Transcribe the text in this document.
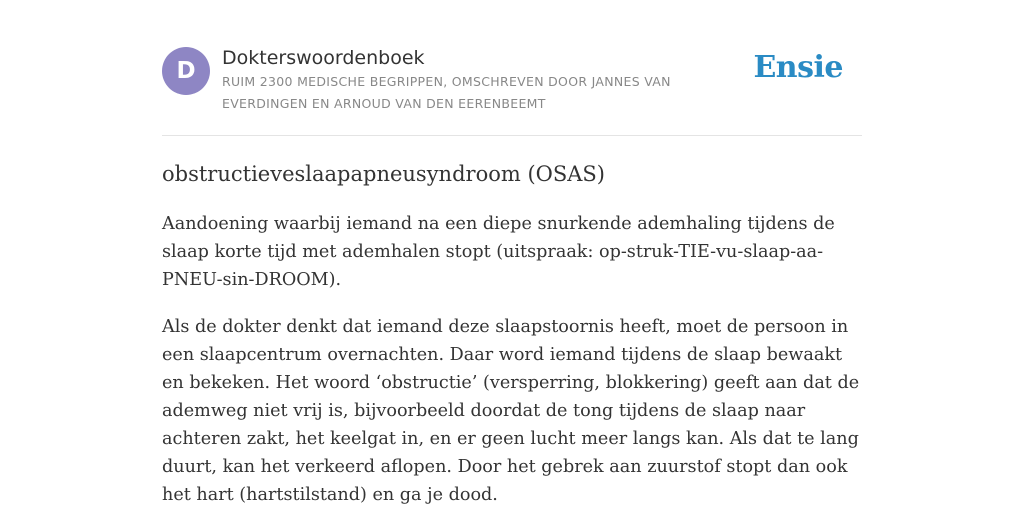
D	Dokterswoordenboek
RUIM 2300 MEDISCHE BEGRIPPEN, OMSCHREVEN DOOR JANNES VAN EVERDINGEN EN ARNOUD VAN DEN EERENBEEMT
Ensie
obstructieveslaapapneusyndroom (OSAS)

Aandoening waarbij iemand na een diepe snurkende ademhaling tijdens de slaap korte tijd met ademhalen stopt (uitspraak: op-struk-TIE-vu-slaap-aa-PNEU-sin-DROOM).

Als de dokter denkt dat iemand deze slaapstoornis heeft, moet de persoon in een slaapcentrum overnachten. Daar word iemand tijdens de slaap bewaakt en bekeken. Het woord ‘obstructie’ (versperring, blokkering) geeft aan dat de ademweg niet vrij is, bijvoorbeeld doordat de tong tijdens de slaap naar achteren zakt, het keelgat in, en er geen lucht meer langs kan. Als dat te lang duurt, kan het verkeerd aflopen. Door het gebrek aan zuurstof stopt dan ook het hart (hartstilstand) en ga je dood.
